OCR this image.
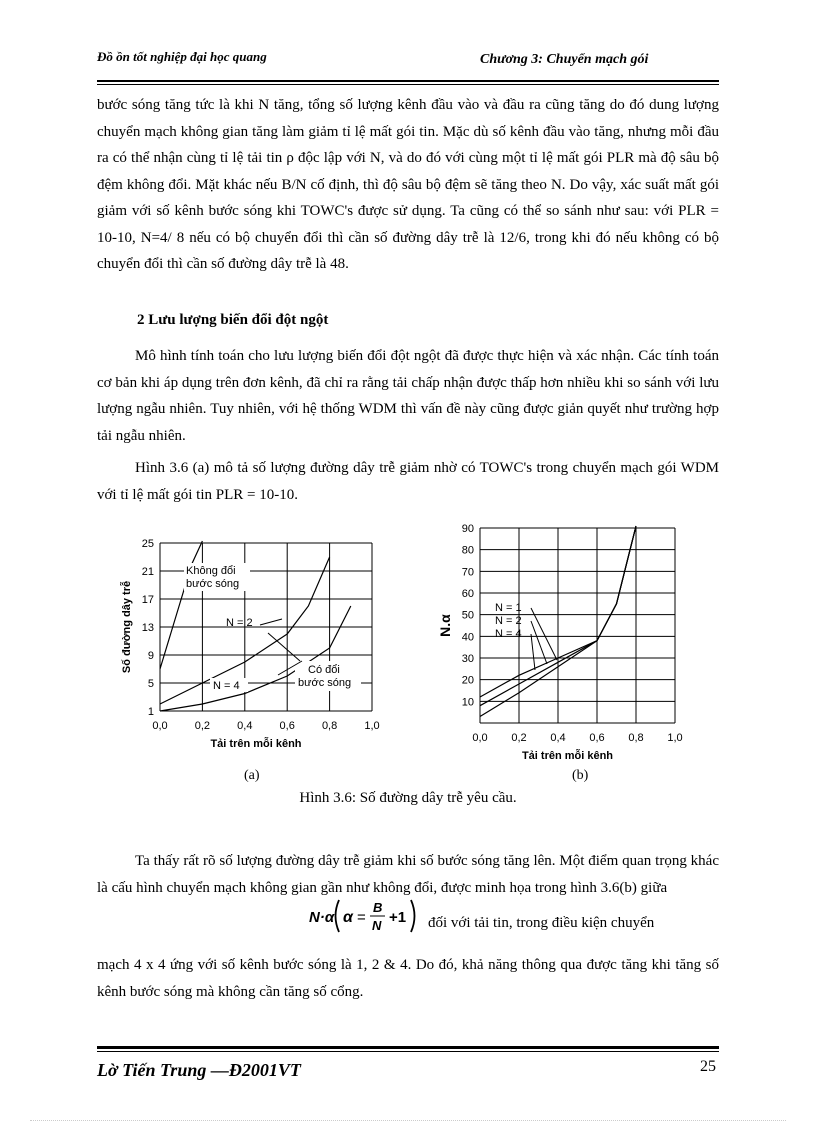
Đồ ồn tốt nghiệp đại học quang	Chương 3: Chuyển mạch gói
bước sóng tăng tức là khi N tăng, tổng số lượng kênh đầu vào và đầu ra cũng tăng do đó dung lượng chuyển mạch không gian tăng làm giảm tỉ lệ mất gói tin. Mặc dù số kênh đầu vào tăng, nhưng mỗi đầu ra có thể nhận cùng tỉ lệ tải tin ρ độc lập với N, và do đó với cùng một tỉ lệ mất gói PLR mà độ sâu bộ đệm không đổi. Mặt khác nếu B/N cố định, thì độ sâu bộ đệm sẽ tăng theo N. Do vậy, xác suất mất gói giảm với số kênh bước sóng khi TOWC's được sử dụng. Ta cũng có thể so sánh như sau: với PLR = 10-10, N=4/ 8 nếu có bộ chuyển đổi thì cần số đường dây trễ là 12/6, trong khi đó nếu không có bộ chuyển đổi thì cần số đường dây trễ là 48.
2 Lưu lượng biến đổi đột ngột
Mô hình tính toán cho lưu lượng biến đổi đột ngột đã được thực hiện và xác nhận. Các tính toán cơ bản khi áp dụng trên đơn kênh, đã chỉ ra rằng tải chấp nhận được thấp hơn nhiều khi so sánh với lưu lượng ngẫu nhiên. Tuy nhiên, với hệ thống WDM thì vấn đề này cũng được giản quyết như trường hợp tải ngẫu nhiên.
Hình 3.6 (a) mô tả số lượng đường dây trễ giảm nhờ có TOWC's trong chuyển mạch gói WDM với tỉ lệ mất gói tin PLR = 10-10.
0,0 0,2 0,4 0,6 0,8 1,0
1
5
9
13
17
21
25
Tải trên mỗi kênh
Số đường dây trễ
Không đổi
bước sóng
N = 2
N = 4
Có đổi
bước sóng
0,0 0,2 0,4 0,6 0,8 1,0
10
20
30
40
50
60
70
80
90
Tải trên mỗi kênh
N.α
N = 1
N = 2
N = 4
(a)	(b)
Hình 3.6: Số đường dây trễ yêu cầu.
Ta thấy rất rõ số lượng đường dây trễ giảm khi số bước sóng tăng lên. Một điểm quan trọng khác là cấu hình chuyển mạch không gian gần như không đổi, được minh họa trong hình 3.6(b) giữa
N·α α =
B
N +1 đối với tải tin, trong điều kiện chuyển
mạch 4 x 4 ứng với số kênh bước sóng là 1, 2 & 4. Do đó, khả năng thông qua được tăng khi tăng số kênh bước sóng mà không cần tăng số cổng.
Lờ Tiến Trung —Đ2001VT	25
